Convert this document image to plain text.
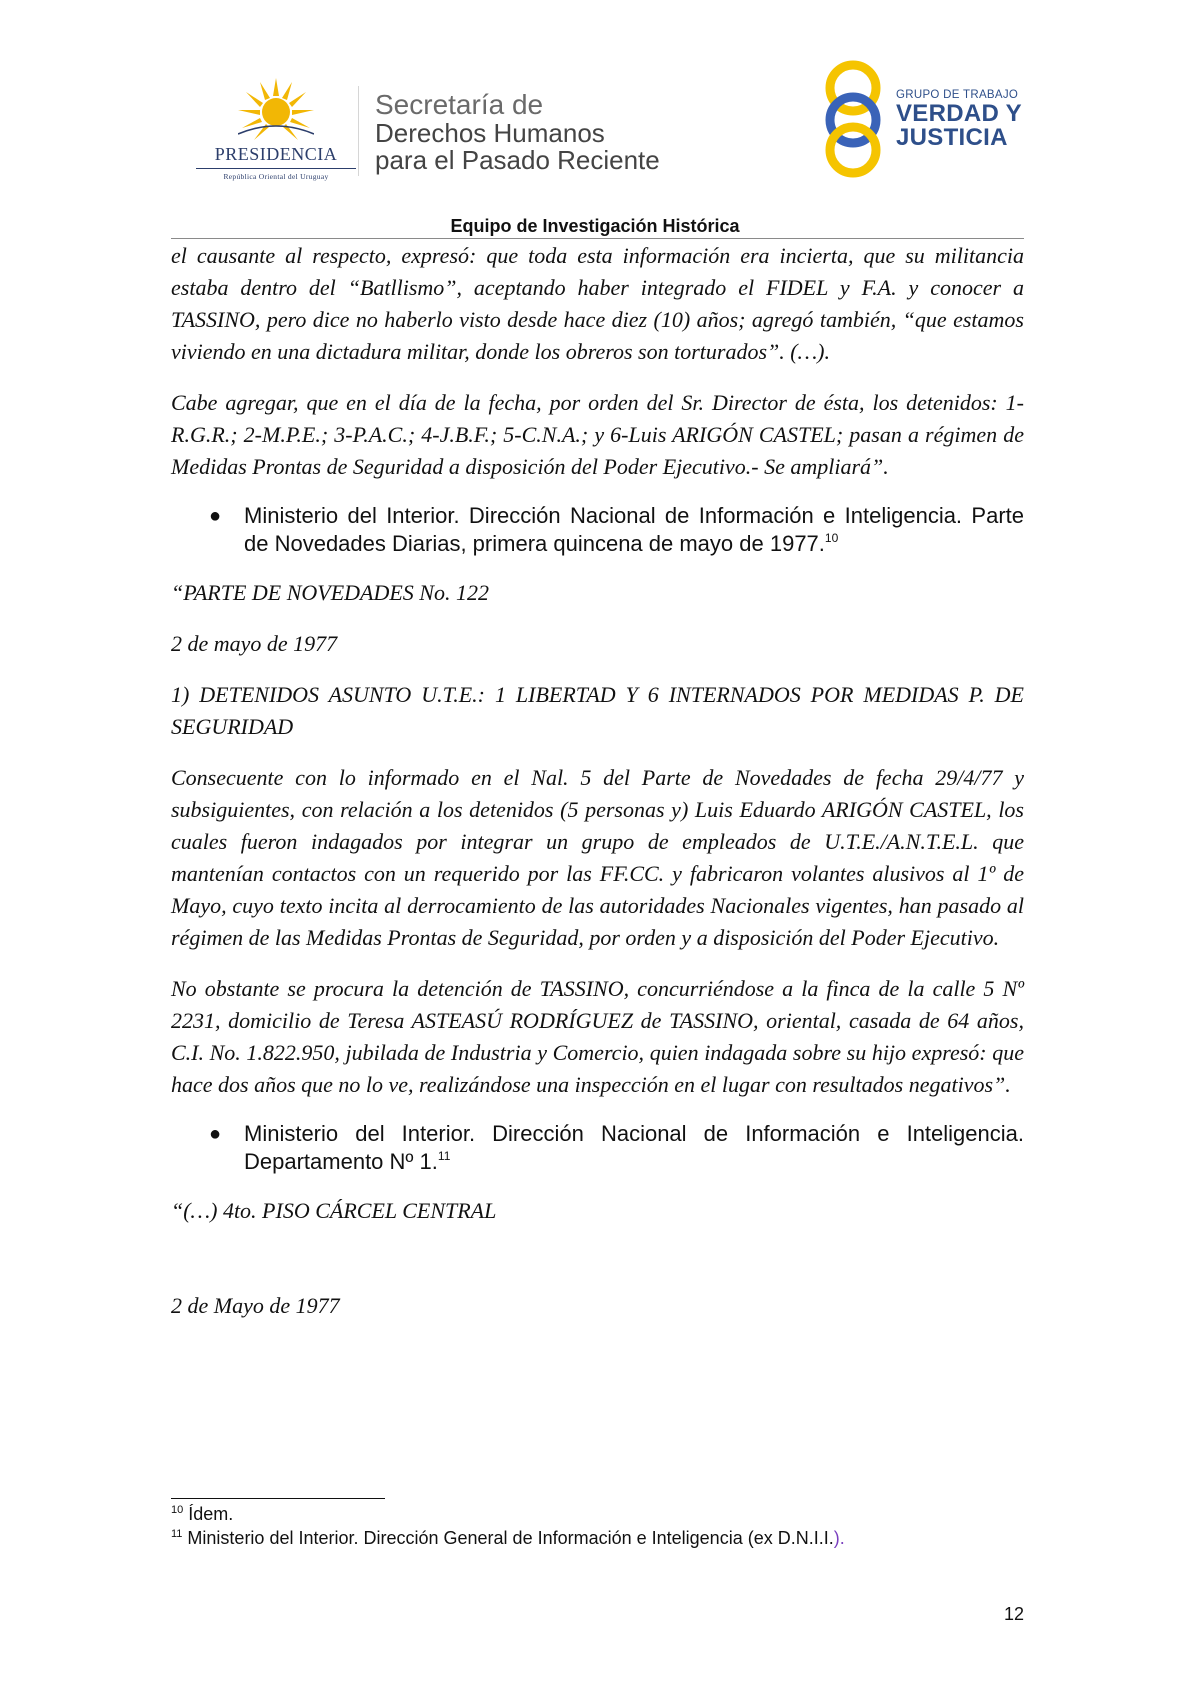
PRESIDENCIA
República Oriental del Uruguay
Secretaría de
Derechos Humanos
para el Pasado Reciente
GRUPO DE TRABAJO
VERDAD Y
JUSTICIA
Equipo de Investigación Histórica

el causante al respecto, expresó: que toda esta información era incierta, que su militancia estaba dentro del “Batllismo”, aceptando haber integrado el FIDEL y F.A. y conocer a TASSINO, pero dice no haberlo visto desde hace diez (10) años; agregó también, “que estamos viviendo en una dictadura militar, donde los obreros son torturados”. (…).

Cabe agregar, que en el día de la fecha, por orden del Sr. Director de ésta, los detenidos: 1- R.G.R.; 2-M.P.E.; 3-P.A.C.; 4-J.B.F.; 5-C.N.A.; y 6-Luis ARIGÓN CASTEL; pasan a régimen de Medidas Prontas de Seguridad a disposición del Poder Ejecutivo.- Se ampliará”.

● Ministerio del Interior. Dirección Nacional de Información e Inteligencia. Parte de Novedades Diarias, primera quincena de mayo de 1977.10

“PARTE DE NOVEDADES No. 122

2 de mayo de 1977

1) DETENIDOS ASUNTO U.T.E.: 1 LIBERTAD Y 6 INTERNADOS POR MEDIDAS P. DE SEGURIDAD

Consecuente con lo informado en el Nal. 5 del Parte de Novedades de fecha 29/4/77 y subsiguientes, con relación a los detenidos (5 personas y) Luis Eduardo ARIGÓN CASTEL, los cuales fueron indagados por integrar un grupo de empleados de U.T.E./A.N.T.E.L. que mantenían contactos con un requerido por las FF.CC. y fabricaron volantes alusivos al 1º de Mayo, cuyo texto incita al derrocamiento de las autoridades Nacionales vigentes, han pasado al régimen de las Medidas Prontas de Seguridad, por orden y a disposición del Poder Ejecutivo.

No obstante se procura la detención de TASSINO, concurriéndose a la finca de la calle 5 Nº 2231, domicilio de Teresa ASTEASÚ RODRÍGUEZ de TASSINO, oriental, casada de 64 años, C.I. No. 1.822.950, jubilada de Industria y Comercio, quien indagada sobre su hijo expresó: que hace dos años que no lo ve, realizándose una inspección en el lugar con resultados negativos”.

● Ministerio del Interior. Dirección Nacional de Información e Inteligencia. Departamento Nº 1.11

“(…) 4to. PISO CÁRCEL CENTRAL

2 de Mayo de 1977

$^{10}$ Ídem.
$^{11}$ Ministerio del Interior. Dirección General de Información e Inteligencia (ex D.N.I.I.).
12
